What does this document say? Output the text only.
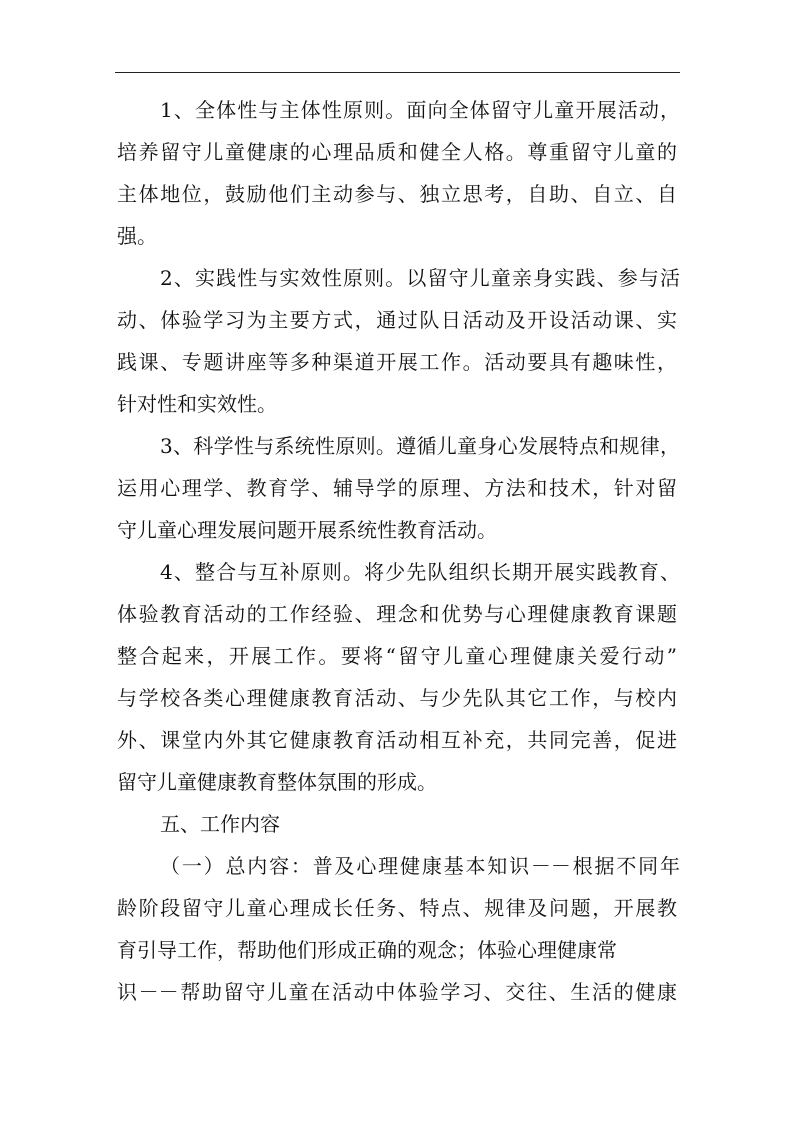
1、全体性与主体性原则。面向全体留守儿童开展活动，
培养留守儿童健康的心理品质和健全人格。尊重留守儿童的
主体地位，鼓励他们主动参与、独立思考，自助、自立、自
强。
2、实践性与实效性原则。以留守儿童亲身实践、参与活
动、体验学习为主要方式，通过队日活动及开设活动课、实
践课、专题讲座等多种渠道开展工作。活动要具有趣味性，
针对性和实效性。
3、科学性与系统性原则。遵循儿童身心发展特点和规律，
运用心理学、教育学、辅导学的原理、方法和技术，针对留
守儿童心理发展问题开展系统性教育活动。
4、整合与互补原则。将少先队组织长期开展实践教育、
体验教育活动的工作经验、理念和优势与心理健康教育课题
整合起来，开展工作。要将“留守儿童心理健康关爱行动”
与学校各类心理健康教育活动、与少先队其它工作，与校内
外、课堂内外其它健康教育活动相互补充，共同完善，促进
留守儿童健康教育整体氛围的形成。
五、工作内容
（一）总内容：普及心理健康基本知识－－根据不同年
龄阶段留守儿童心理成长任务、特点、规律及问题，开展教
育引导工作，帮助他们形成正确的观念；体验心理健康常
识－－帮助留守儿童在活动中体验学习、交往、生活的健康
